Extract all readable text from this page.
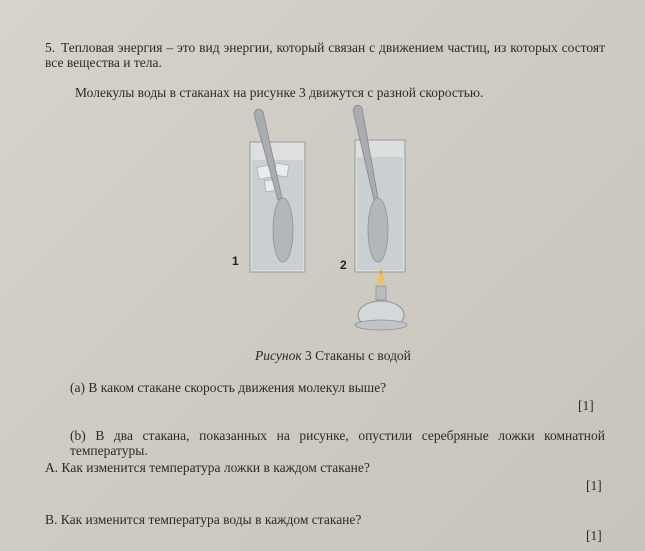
5. Тепловая энергия – это вид энергии, который связан с движением частиц, из которых состоят все вещества и тела.
Молекулы воды в стаканах на рисунке 3 движутся с разной скоростью.
1	2
Рисунок 3 Стаканы с водой
(a) В каком стакане скорость движения молекул выше?
[1]
(b) В два стакана, показанных на рисунке, опустили серебряные ложки комнатной температуры.
А. Как изменится температура ложки в каждом стакане?
[1]
В. Как изменится температура воды в каждом стакане?
[1]
